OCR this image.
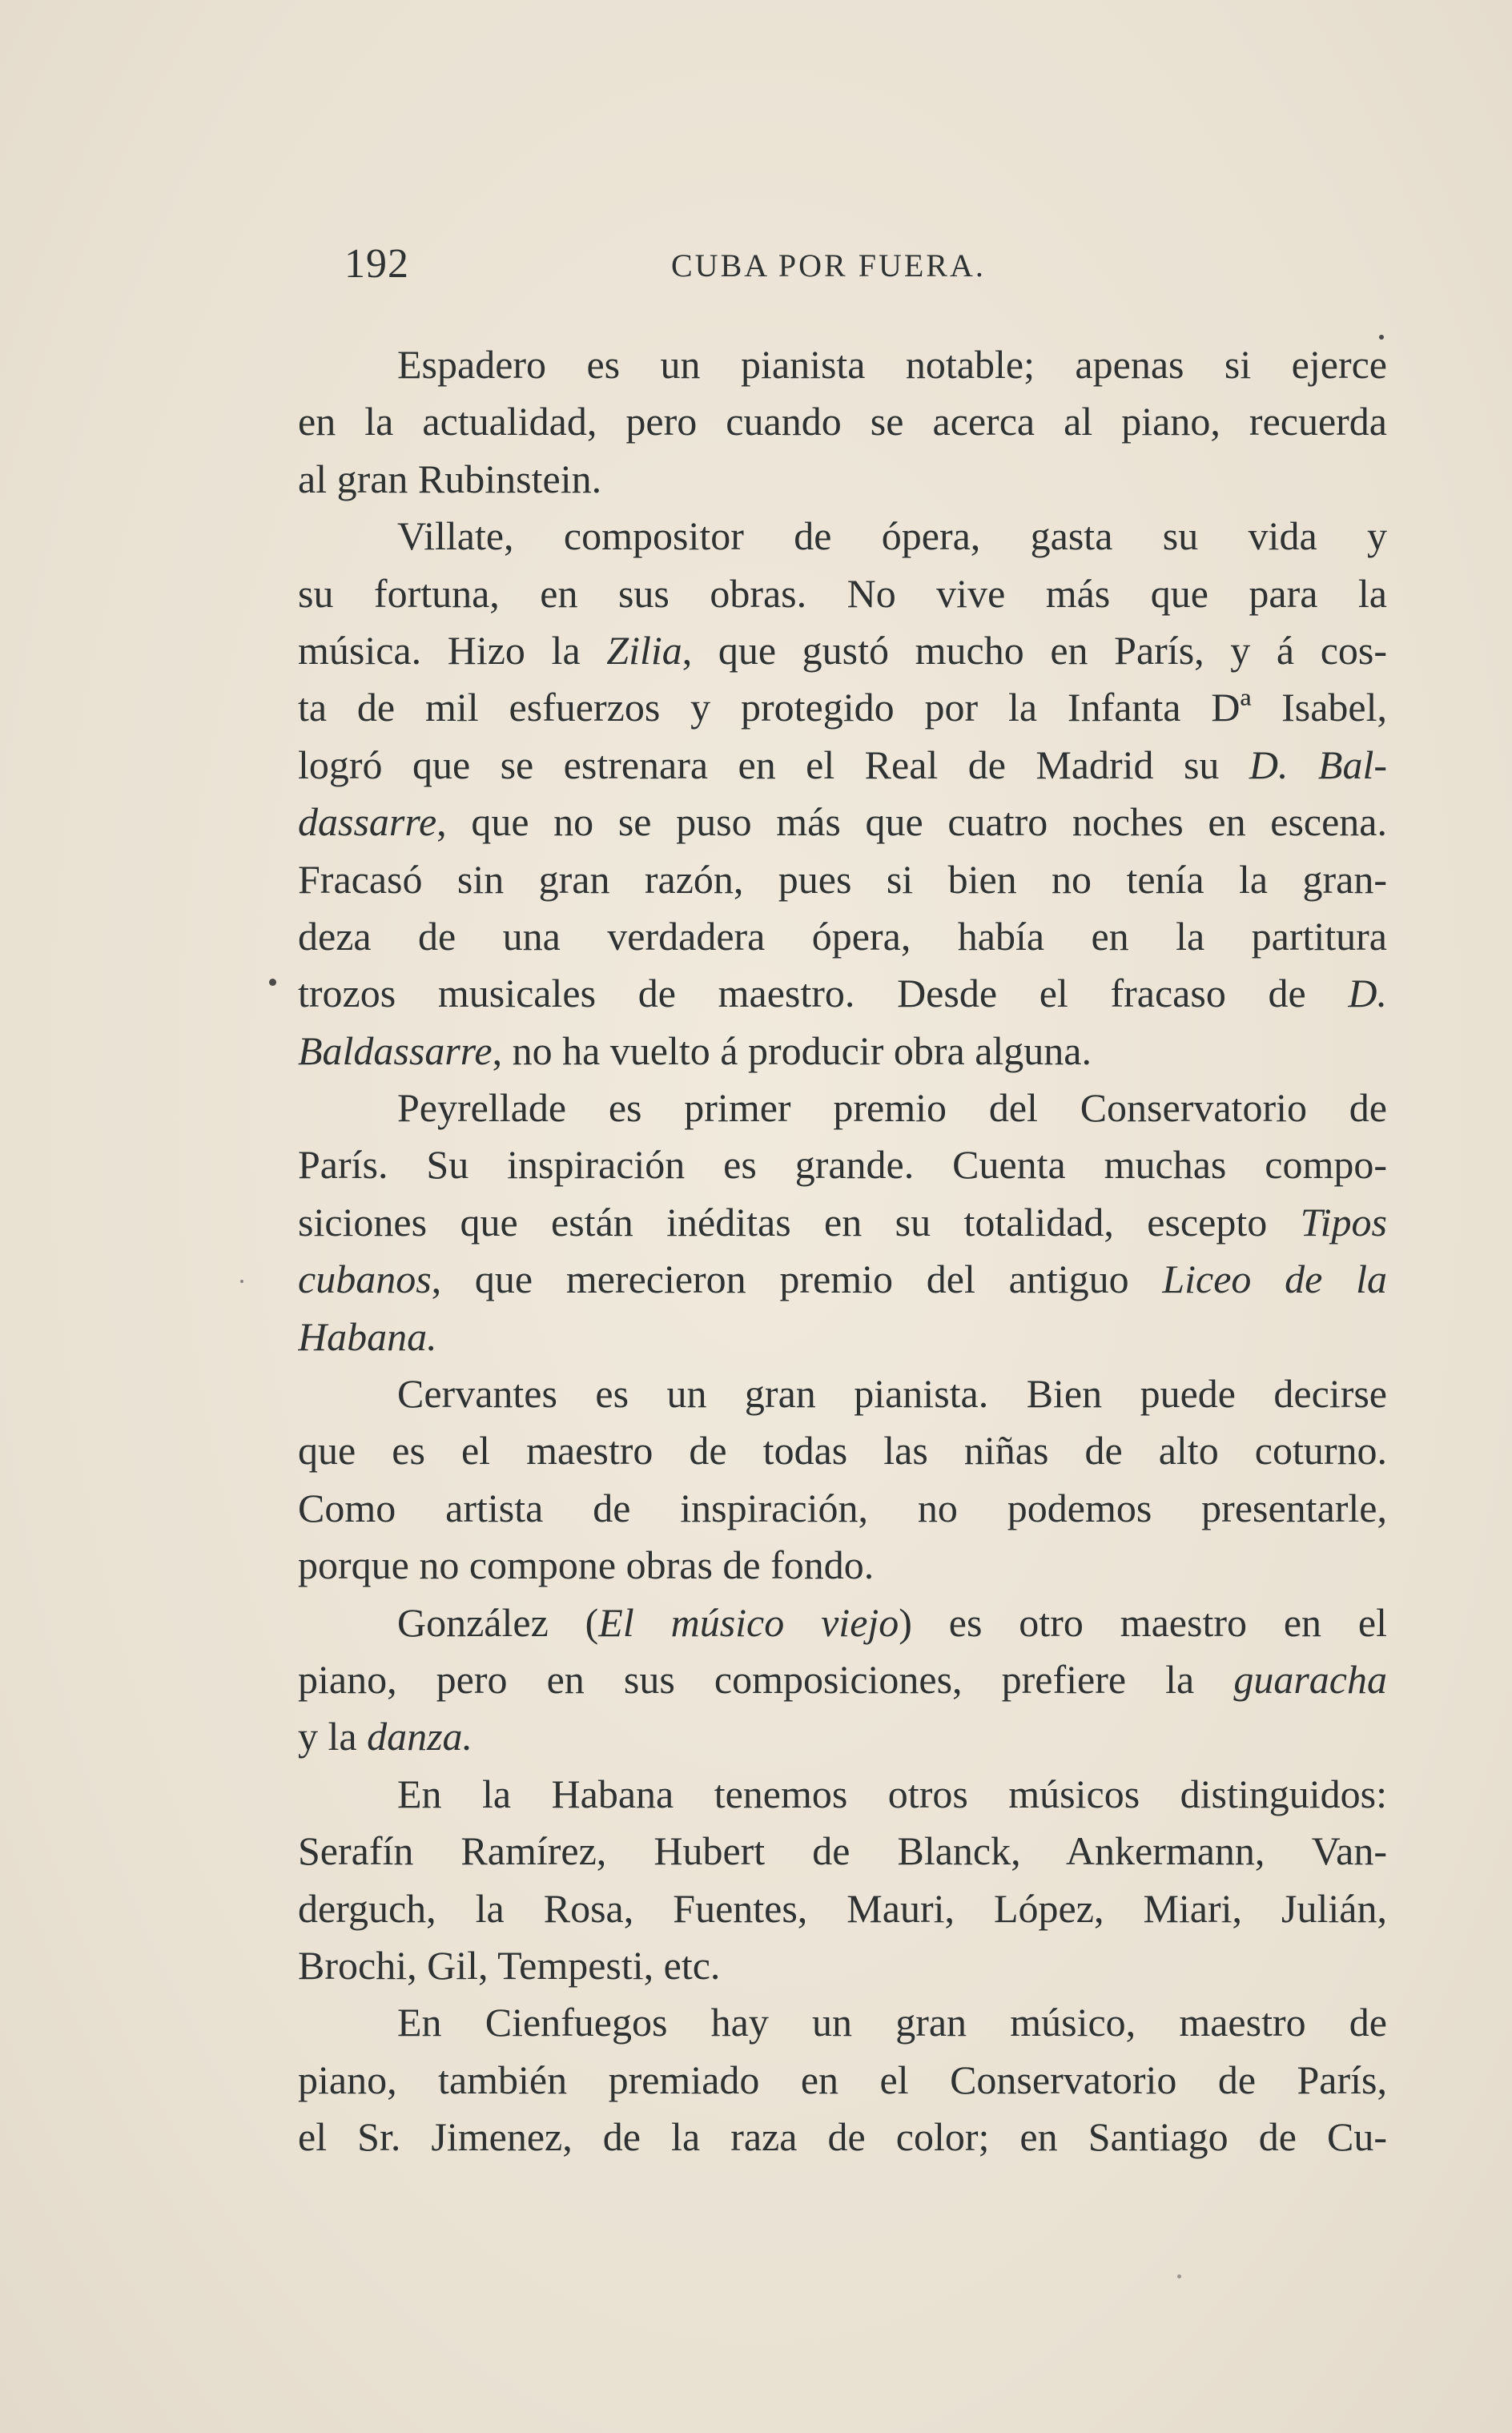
192	CUBA POR FUERA.
Espadero es un pianista notable; apenas si ejerce
en la actualidad, pero cuando se acerca al piano, recuerda
al gran Rubinstein.
Villate, compositor de ópera, gasta su vida y
su fortuna, en sus obras. No vive más que para la
música. Hizo la Zilia, que gustó mucho en París, y á cos-
ta de mil esfuerzos y protegido por la Infanta Dª Isabel,
logró que se estrenara en el Real de Madrid su D. Bal-
dassarre, que no se puso más que cuatro noches en escena.
Fracasó sin gran razón, pues si bien no tenía la gran-
deza de una verdadera ópera, había en la partitura
trozos musicales de maestro. Desde el fracaso de D.
Baldassarre, no ha vuelto á producir obra alguna.
Peyrellade es primer premio del Conservatorio de
París. Su inspiración es grande. Cuenta muchas compo-
siciones que están inéditas en su totalidad, escepto Tipos
cubanos, que merecieron premio del antiguo Liceo de la
Habana.
Cervantes es un gran pianista. Bien puede decirse
que es el maestro de todas las niñas de alto coturno.
Como artista de inspiración, no podemos presentarle,
porque no compone obras de fondo.
González (El músico viejo) es otro maestro en el
piano, pero en sus composiciones, prefiere la guaracha
y la danza.
En la Habana tenemos otros músicos distinguidos:
Serafín Ramírez, Hubert de Blanck, Ankermann, Van-
derguch, la Rosa, Fuentes, Mauri, López, Miari, Julián,
Brochi, Gil, Tempesti, etc.
En Cienfuegos hay un gran músico, maestro de
piano, también premiado en el Conservatorio de París,
el Sr. Jimenez, de la raza de color; en Santiago de Cu-
